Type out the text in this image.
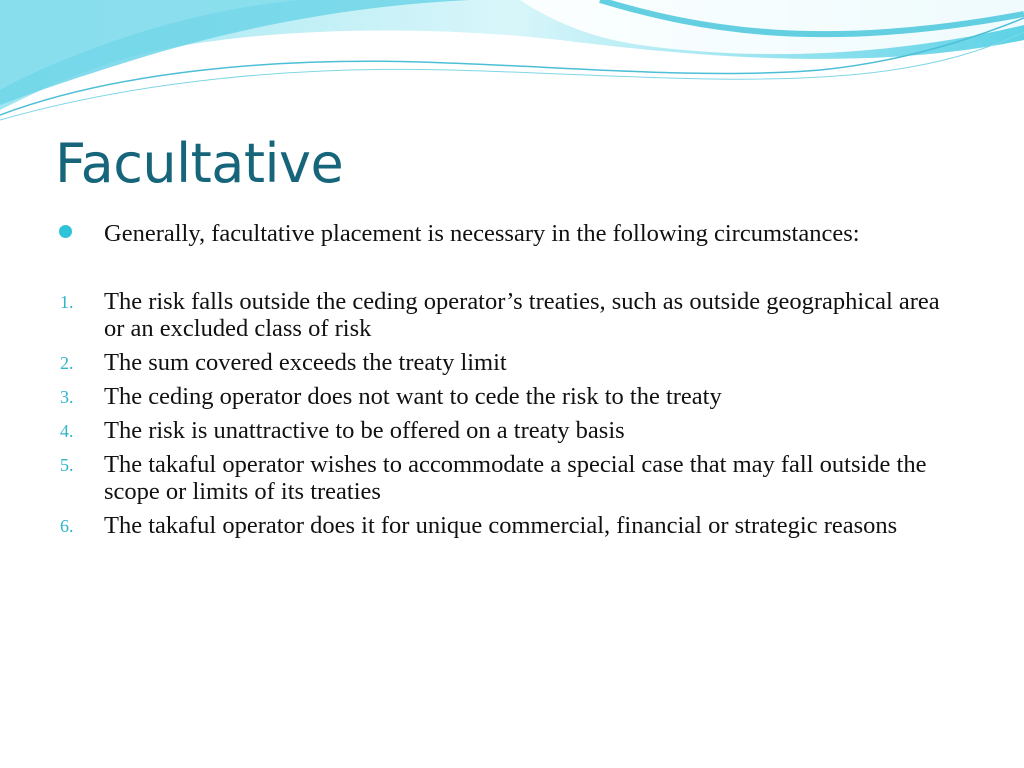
Facultative
Generally, facultative placement is necessary in the following circumstances:
1. The risk falls outside the ceding operator’s treaties, such as outside geographical area or an excluded class of risk
2. The sum covered exceeds the treaty limit
3. The ceding operator does not want to cede the risk to the treaty
4. The risk is unattractive to be offered on a treaty basis
5. The takaful operator wishes to accommodate a special case that may fall outside the scope or limits of its treaties
6. The takaful operator does it for unique commercial, financial or strategic reasons
